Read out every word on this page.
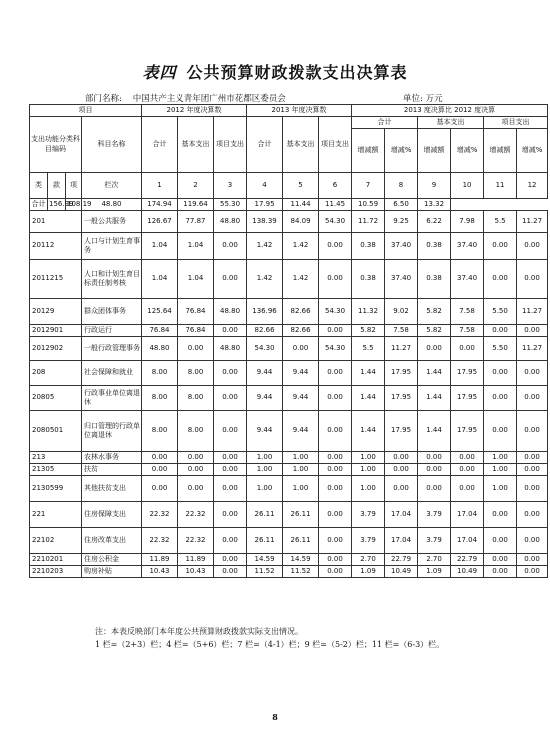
表四 公共预算财政拨款支出决算表
部门名称: 中国共产主义青年团广州市花都区委员会	单位: 万元
项目				2012 年度决算数			2013 年度决算数			2013 度决算比 2012 度决算					
支出功能分类科目编码			科目名称	合计	基本支出	项目支出	合计	基本支出	项目支出	合计		基本支出		项目支出	
										增减额	增减%	增减额	增减%	增减额	增减%
类	款	项	栏次	1	2	3	4	5	6	7	8	9	10	11	12
合计	156.99	108.19	48.80	174.94	119.64	55.30	17.95	11.44	11.45	10.59	6.50	13.32			
201			一般公共服务	126.67	77.87	48.80	138.39	84.09	54.30	11.72	9.25	6.22	7.98	5.5	11.27
20112			人口与计划生育事务	1.04	1.04	0.00	1.42	1.42	0.00	0.38	37.40	0.38	37.40	0.00	0.00
2011215			人口和计划生育目标责任制考核	1.04	1.04	0.00	1.42	1.42	0.00	0.38	37.40	0.38	37.40	0.00	0.00
20129			群众团体事务	125.64	76.84	48.80	136.96	82.66	54.30	11.32	9.02	5.82	7.58	5.50	11.27
2012901			行政运行	76.84	76.84	0.00	82.66	82.66	0.00	5.82	7.58	5.82	7.58	0.00	0.00
2012902			一般行政管理事务	48.80	0.00	48.80	54.30	0.00	54.30	5.5	11.27	0.00	0.00	5.50	11.27
208			社会保障和就业	8.00	8.00	0.00	9.44	9.44	0.00	1.44	17.95	1.44	17.95	0.00	0.00
20805			行政事业单位离退休	8.00	8.00	0.00	9.44	9.44	0.00	1.44	17.95	1.44	17.95	0.00	0.00
2080501			归口管理的行政单位离退休	8.00	8.00	0.00	9.44	9.44	0.00	1.44	17.95	1.44	17.95	0.00	0.00
213			农林水事务	0.00	0.00	0.00	1.00	1.00	0.00	1.00	0.00	0.00	0.00	1.00	0.00
21305			扶贫	0.00	0.00	0.00	1.00	1.00	0.00	1.00	0.00	0.00	0.00	1.00	0.00
2130599			其他扶贫支出	0.00	0.00	0.00	1.00	1.00	0.00	1.00	0.00	0.00	0.00	1.00	0.00
221			住房保障支出	22.32	22.32	0.00	26.11	26.11	0.00	3.79	17.04	3.79	17.04	0.00	0.00
22102			住房改革支出	22.32	22.32	0.00	26.11	26.11	0.00	3.79	17.04	3.79	17.04	0.00	0.00
2210201			住房公积金	11.89	11.89	0.00	14.59	14.59	0.00	2.70	22.79	2.70	22.79	0.00	0.00
2210203			购房补贴	10.43	10.43	0.00	11.52	11.52	0.00	1.09	10.49	1.09	10.49	0.00	0.00
注：本表反映部门本年度公共预算财政拨款实际支出情况。
1 栏=（2+3）栏；4 栏=（5+6）栏；7 栏=（4-1）栏；9 栏=（5-2）栏；11 栏=（6-3）栏。
8
